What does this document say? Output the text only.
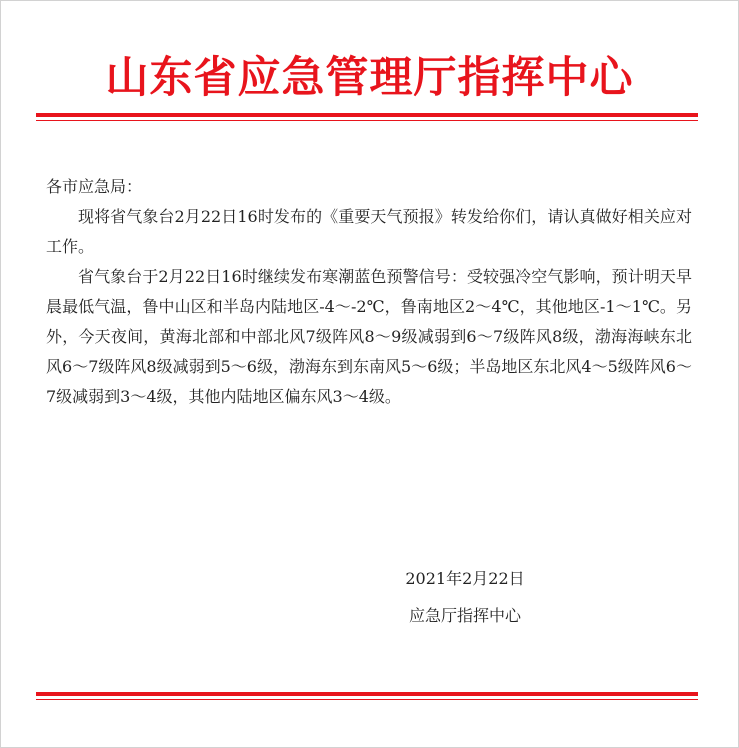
山东省应急管理厅指挥中心

各市应急局：

现将省气象台2月22日16时发布的《重要天气预报》转发给你们，请认真做好相关应对工作。

省气象台于2月22日16时继续发布寒潮蓝色预警信号：受较强冷空气影响，预计明天早晨最低气温，鲁中山区和半岛内陆地区-4～-2℃，鲁南地区2～4℃，其他地区-1～1℃。另外，今天夜间，黄海北部和中部北风7级阵风8～9级减弱到6～7级阵风8级，渤海海峡东北风6～7级阵风8级减弱到5～6级，渤海东到东南风5～6级；半岛地区东北风4～5级阵风6～7级减弱到3～4级，其他内陆地区偏东风3～4级。

2021年2月22日
应急厅指挥中心
